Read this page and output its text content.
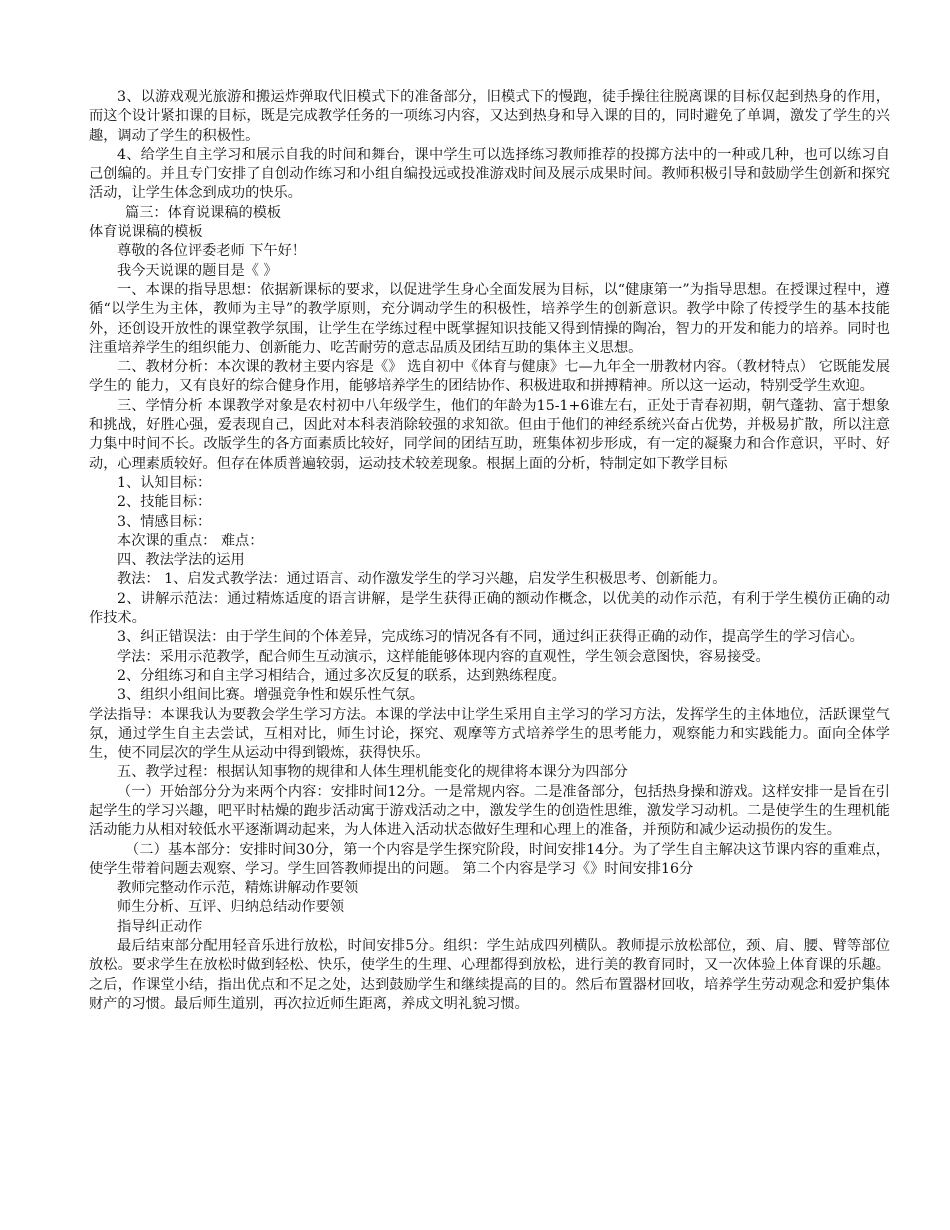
3、以游戏观光旅游和搬运炸弹取代旧模式下的准备部分，旧模式下的慢跑，徒手操往往脱离课的目标仅起到热身的作用，而这个设计紧扣课的目标，既是完成教学任务的一项练习内容，又达到热身和导入课的目的，同时避免了单调，激发了学生的兴趣，调动了学生的积极性。

4、给学生自主学习和展示自我的时间和舞台，课中学生可以选择练习教师推荐的投掷方法中的一种或几种，也可以练习自己创编的。并且专门安排了自创动作练习和小组自编投远或投准游戏时间及展示成果时间。教师积极引导和鼓励学生创新和探究活动，让学生体念到成功的快乐。

篇三：体育说课稿的模板

体育说课稿的模板

尊敬的各位评委老师 下午好！

我今天说课的题目是《 》

一、本课的指导思想：依据新课标的要求，以促进学生身心全面发展为目标，以“健康第一”为指导思想。在授课过程中，遵循“以学生为主体，教师为主导”的教学原则，充分调动学生的积极性，培养学生的创新意识。教学中除了传授学生的基本技能外，还创设开放性的课堂教学氛围，让学生在学练过程中既掌握知识技能又得到情操的陶冶，智力的开发和能力的培养。同时也注重培养学生的组织能力、创新能力、吃苦耐劳的意志品质及团结互助的集体主义思想。

二、教材分析：本次课的教材主要内容是《》 选自初中《体育与健康》七—九年全一册教材内容。（教材特点） 它既能发展学生的 能力，又有良好的综合健身作用，能够培养学生的团结协作、积极进取和拼搏精神。所以这一运动，特别受学生欢迎。

三、学情分析 本课教学对象是农村初中八年级学生，他们的年龄为15-1+6谁左右，正处于青春初期，朝气蓬勃、富于想象和挑战，好胜心强，爱表现自己，因此对本科表消除较强的求知欲。但由于他们的神经系统兴奋占优势，并极易扩散，所以注意力集中时间不长。改版学生的各方面素质比较好，同学间的团结互助，班集体初步形成，有一定的凝聚力和合作意识，平时、好动，心理素质较好。但存在体质普遍较弱，运动技术较差现象。根据上面的分析，特制定如下教学目标

1、认知目标：

2、技能目标：

3、情感目标：

本次课的重点： 难点：

四、教法学法的运用

教法： 1、启发式教学法：通过语言、动作激发学生的学习兴趣，启发学生积极思考、创新能力。

2、讲解示范法：通过精炼适度的语言讲解，是学生获得正确的额动作概念，以优美的动作示范，有利于学生模仿正确的动作技术。

3、纠正错误法：由于学生间的个体差异，完成练习的情况各有不同，通过纠正获得正确的动作，提高学生的学习信心。

学法：采用示范教学，配合师生互动演示，这样能能够体现内容的直观性，学生领会意图快，容易接受。

2、分组练习和自主学习相结合，通过多次反复的联系，达到熟练程度。

3、组织小组间比赛。增强竞争性和娱乐性气氛。

学法指导：本课我认为要教会学生学习方法。本课的学法中让学生采用自主学习的学习方法，发挥学生的主体地位，活跃课堂气氛，通过学生自主去尝试，互相对比，师生讨论，探究、观摩等方式培养学生的思考能力，观察能力和实践能力。面向全体学生，使不同层次的学生从运动中得到锻炼，获得快乐。

五、教学过程：根据认知事物的规律和人体生理机能变化的规律将本课分为四部分

（一）开始部分分为来两个内容：安排时间12分。一是常规内容。二是准备部分，包括热身操和游戏。这样安排一是旨在引起学生的学习兴趣，吧平时枯燥的跑步活动寓于游戏活动之中，激发学生的创造性思维，激发学习动机。二是使学生的生理机能活动能力从相对较低水平逐渐调动起来，为人体进入活动状态做好生理和心理上的准备，并预防和减少运动损伤的发生。

（二）基本部分：安排时间30分，第一个内容是学生探究阶段，时间安排14分。为了学生自主解决这节课内容的重难点，使学生带着问题去观察、学习。学生回答教师提出的问题。 第二个内容是学习《》时间安排16分

教师完整动作示范，精炼讲解动作要领

师生分析、互评、归纳总结动作要领

指导纠正动作

最后结束部分配用轻音乐进行放松，时间安排5分。组织：学生站成四列横队。教师提示放松部位，颈、肩、腰、臂等部位放松。要求学生在放松时做到轻松、快乐，使学生的生理、心理都得到放松，进行美的教育同时，又一次体验上体育课的乐趣。之后，作课堂小结，指出优点和不足之处，达到鼓励学生和继续提高的目的。然后布置器材回收，培养学生劳动观念和爱护集体财产的习惯。最后师生道别，再次拉近师生距离，养成文明礼貌习惯。
